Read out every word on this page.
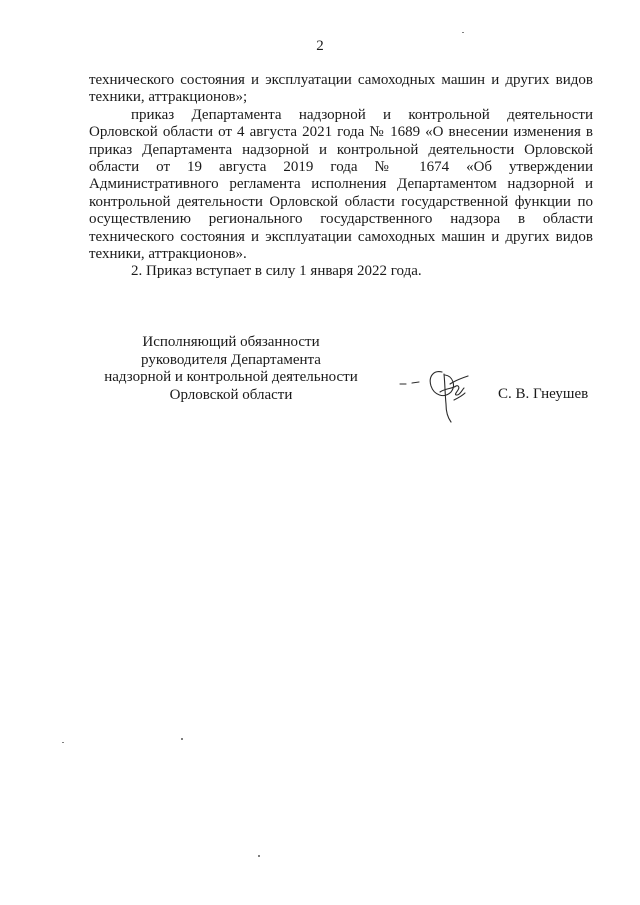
2

технического состояния и эксплуатации самоходных машин и других видов техники, аттракционов»;

приказ Департамента надзорной и контрольной деятельности Орловской области от 4 августа 2021 года № 1689 «О внесении изменения в приказ Департамента надзорной и контрольной деятельности Орловской области от 19 августа 2019 года № 1674 «Об утверждении Административного регламента исполнения Департаментом надзорной и контрольной деятельности Орловской области государственной функции по осуществлению регионального государственного надзора в области технического состояния и эксплуатации самоходных машин и других видов техники, аттракционов».

2. Приказ вступает в силу 1 января 2022 года.

Исполняющий обязанности
руководителя Департамента
надзорной и контрольной деятельности
Орловской области	С. В. Гнеушев
